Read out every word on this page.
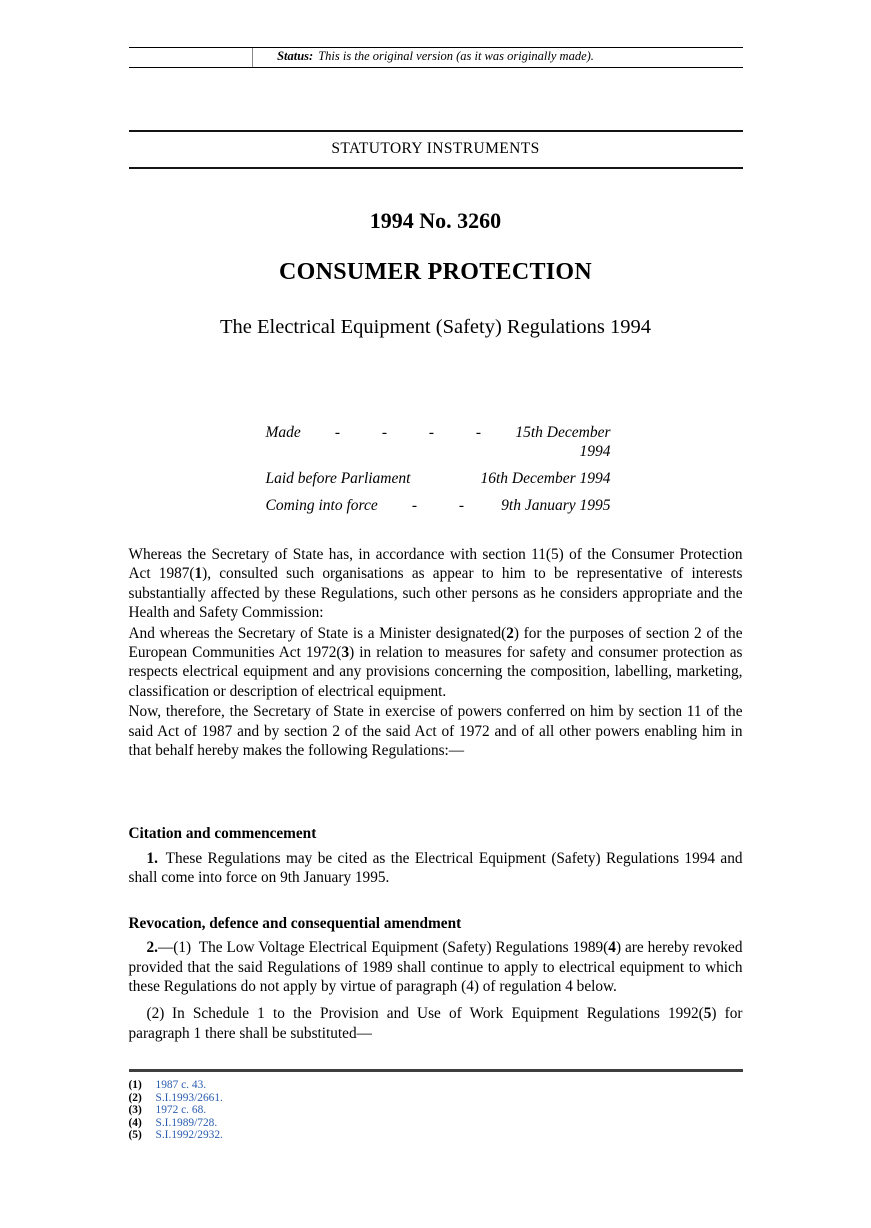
Status: This is the original version (as it was originally made).
STATUTORY INSTRUMENTS
1994 No. 3260
CONSUMER PROTECTION
The Electrical Equipment (Safety) Regulations 1994
Made - - - -	15th December 1994
Laid before Parliament	16th December 1994
Coming into force - - 9th January 1995

Whereas the Secretary of State has, in accordance with section 11(5) of the Consumer Protection Act 1987(1), consulted such organisations as appear to him to be representative of interests substantially affected by these Regulations, such other persons as he considers appropriate and the Health and Safety Commission:

And whereas the Secretary of State is a Minister designated(2) for the purposes of section 2 of the European Communities Act 1972(3) in relation to measures for safety and consumer protection as respects electrical equipment and any provisions concerning the composition, labelling, marketing, classification or description of electrical equipment.

Now, therefore, the Secretary of State in exercise of powers conferred on him by section 11 of the said Act of 1987 and by section 2 of the said Act of 1972 and of all other powers enabling him in that behalf hereby makes the following Regulations:—

Citation and commencement

1. These Regulations may be cited as the Electrical Equipment (Safety) Regulations 1994 and shall come into force on 9th January 1995.

Revocation, defence and consequential amendment

2.—(1) The Low Voltage Electrical Equipment (Safety) Regulations 1989(4) are hereby revoked provided that the said Regulations of 1989 shall continue to apply to electrical equipment to which these Regulations do not apply by virtue of paragraph (4) of regulation 4 below.

(2) In Schedule 1 to the Provision and Use of Work Equipment Regulations 1992(5) for paragraph 1 there shall be substituted—

(1)	1987 c. 43.
(2)	S.I.1993/2661.
(3)	1972 c. 68.
(4)	S.I.1989/728.
(5)	S.I.1992/2932.
